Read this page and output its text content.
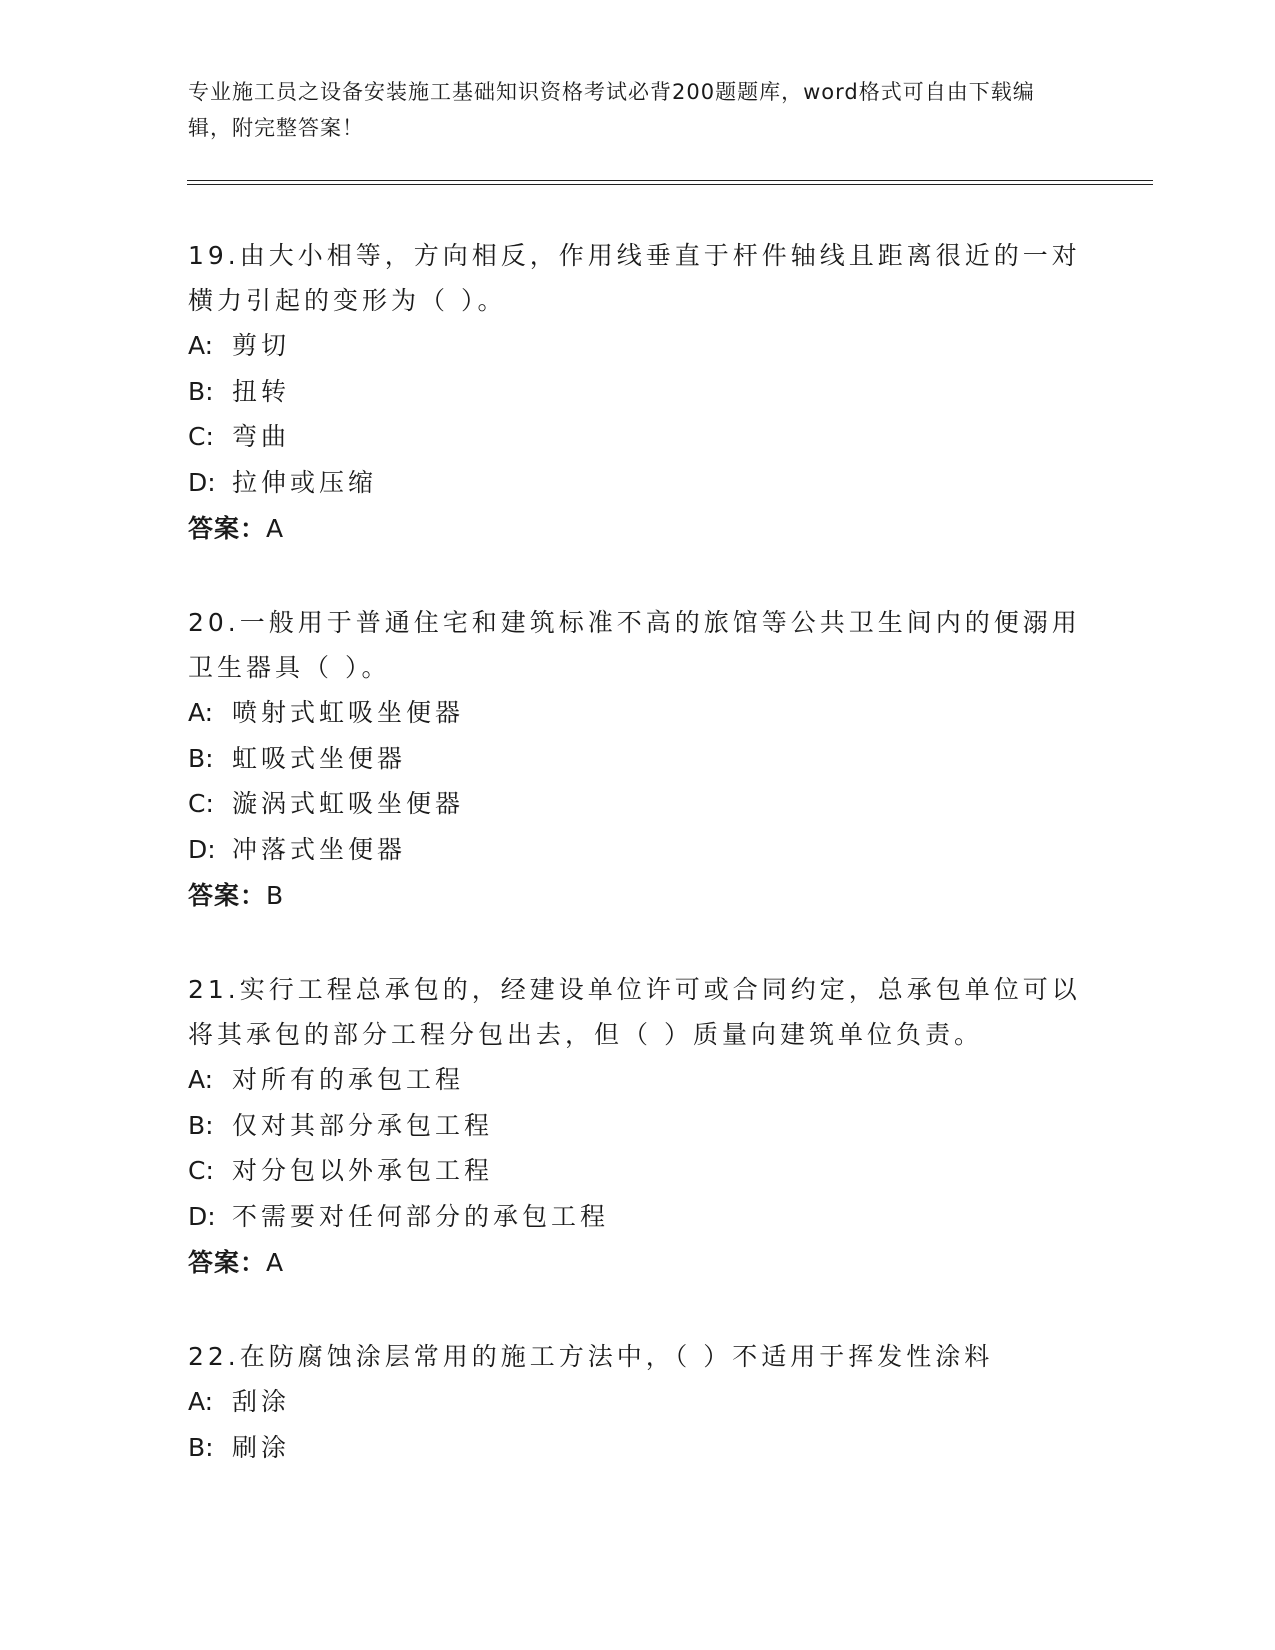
专业施工员之设备安装施工基础知识资格考试必背200题题库，word格式可自由下载编辑，附完整答案！
19.由大小相等，方向相反，作用线垂直于杆件轴线且距离很近的一对横力引起的变形为（ ）。
A: 剪切
B: 扭转
C: 弯曲
D: 拉伸或压缩
答案：A
20.一般用于普通住宅和建筑标准不高的旅馆等公共卫生间内的便溺用卫生器具（ ）。
A: 喷射式虹吸坐便器
B: 虹吸式坐便器
C: 漩涡式虹吸坐便器
D: 冲落式坐便器
答案：B
21.实行工程总承包的，经建设单位许可或合同约定，总承包单位可以将其承包的部分工程分包出去，但（ ）质量向建筑单位负责。
A: 对所有的承包工程
B: 仅对其部分承包工程
C: 对分包以外承包工程
D: 不需要对任何部分的承包工程
答案：A
22.在防腐蚀涂层常用的施工方法中，（ ）不适用于挥发性涂料
A: 刮涂
B: 刷涂
